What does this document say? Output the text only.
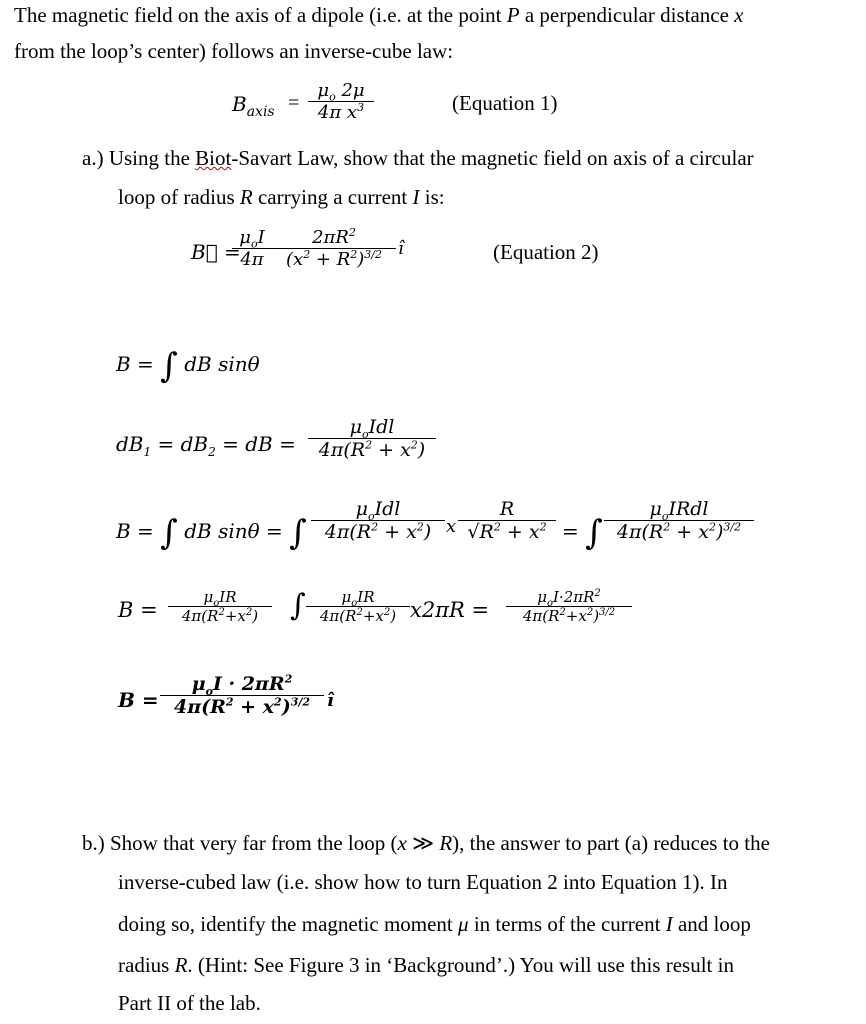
The magnetic field on the axis of a dipole (i.e. at the point P a perpendicular distance x
from the loop’s center) follows an inverse-cube law:
$B_{axis}$ =
$\mu_o$ 2μ
4π $x^3$	(Equation 1)
a.) Using the Biot-Savart Law, show that the magnetic field on axis of a circular
loop of radius R carrying a current I is:
B⃗ =
$\mu_oI$
4π
$2\pi R^2$
$(x^2 + R^2)^{3/2}$ î	(Equation 2)
B = ∫ dB sinθ
$dB_1 = dB_2$ = dB =
$\mu_oIdl$
$4\pi(R^2 + x^2)$
B = ∫ dB sinθ = ∫
$\mu_oIdl$
$4\pi(R^2 + x^2)$ x
R
$√R^2 + x^2$ = ∫
$\mu_oIRdl$
$4\pi(R^2 + x^2)^{3/2}$
B =
$\mu_oIR$
$4\pi(R^2+x^2)$	∫	$\mu_oIR$
$4\pi(R^2+x^2) x2\pi R$ =
$\mu_oI\cdot 2\pi R^2$
$4\pi(R^2+x^2)^{3/2}$
B =
$\mu_oI \cdot 2\pi R^2$
$4\pi(R^2 + x^2)^{3/2}$ î
b.) Show that very far from the loop (x ≫ R), the answer to part (a) reduces to the
inverse-cubed law (i.e. show how to turn Equation 2 into Equation 1). In
doing so, identify the magnetic moment μ in terms of the current I and loop
radius R. (Hint: See Figure 3 in ‘Background’.) You will use this result in
Part II of the lab.
